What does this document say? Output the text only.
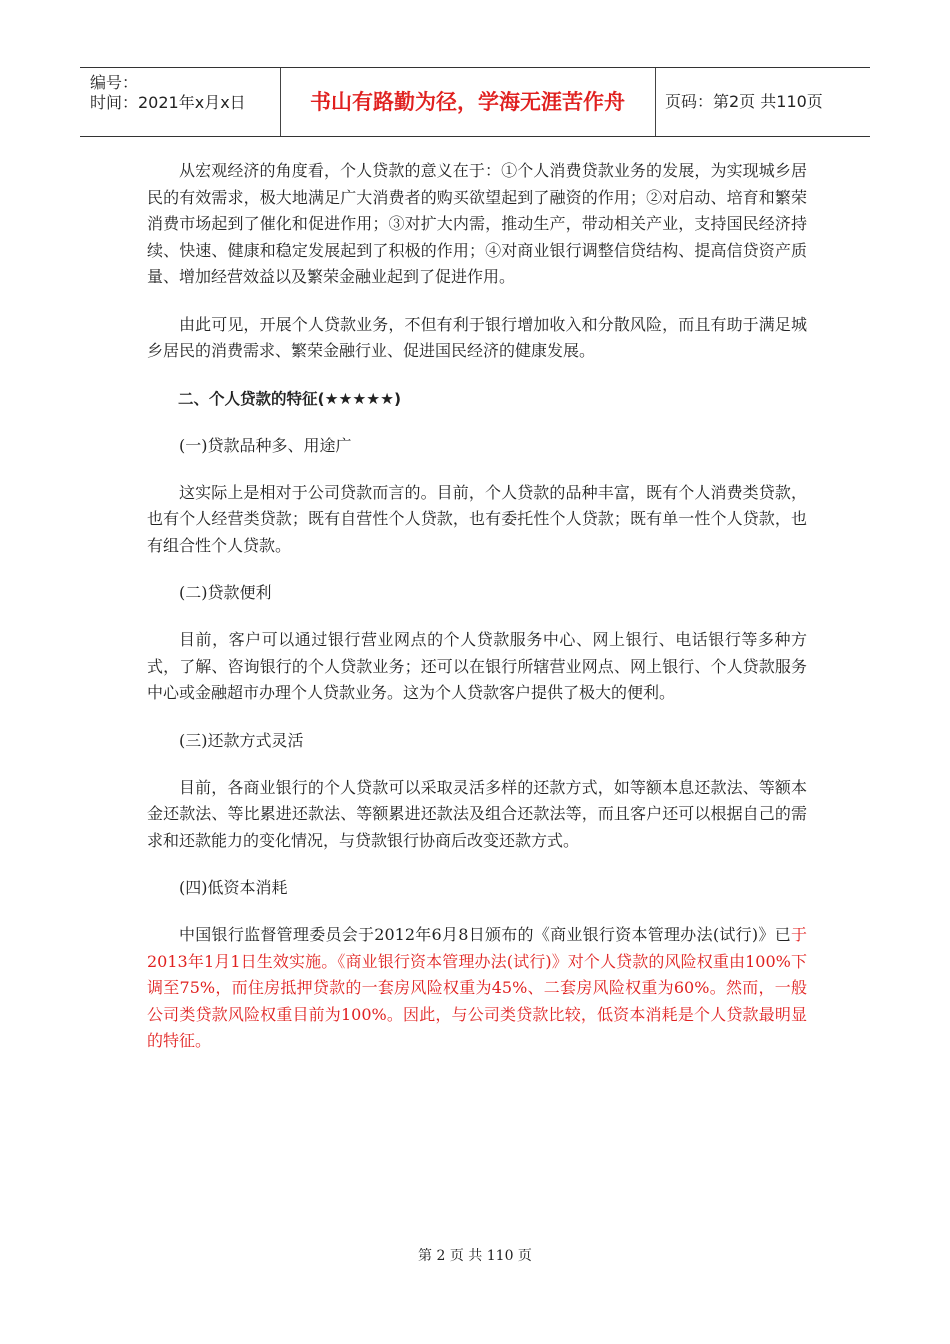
编号：
时间：2021年x月x日	书山有路勤为径，学海无涯苦作舟	页码：第2页 共110页

从宏观经济的角度看，个人贷款的意义在于：①个人消费贷款业务的发展，为实现城乡居民的有效需求，极大地满足广大消费者的购买欲望起到了融资的作用；②对启动、培育和繁荣消费市场起到了催化和促进作用；③对扩大内需，推动生产，带动相关产业，支持国民经济持续、快速、健康和稳定发展起到了积极的作用；④对商业银行调整信贷结构、提高信贷资产质量、增加经营效益以及繁荣金融业起到了促进作用。

由此可见，开展个人贷款业务，不但有利于银行增加收入和分散风险，而且有助于满足城乡居民的消费需求、繁荣金融行业、促进国民经济的健康发展。

二、个人贷款的特征(★★★★★)

(一)贷款品种多、用途广

这实际上是相对于公司贷款而言的。目前，个人贷款的品种丰富，既有个人消费类贷款，也有个人经营类贷款；既有自营性个人贷款，也有委托性个人贷款；既有单一性个人贷款，也有组合性个人贷款。

(二)贷款便利

目前，客户可以通过银行营业网点的个人贷款服务中心、网上银行、电话银行等多种方式，了解、咨询银行的个人贷款业务；还可以在银行所辖营业网点、网上银行、个人贷款服务中心或金融超市办理个人贷款业务。这为个人贷款客户提供了极大的便利。

(三)还款方式灵活

目前，各商业银行的个人贷款可以采取灵活多样的还款方式，如等额本息还款法、等额本金还款法、等比累进还款法、等额累进还款法及组合还款法等，而且客户还可以根据自己的需求和还款能力的变化情况，与贷款银行协商后改变还款方式。

(四)低资本消耗

中国银行监督管理委员会于2012年6月8日颁布的《商业银行资本管理办法(试行)》已于2013年1月1日生效实施。《商业银行资本管理办法(试行)》对个人贷款的风险权重由100%下调至75%，而住房抵押贷款的一套房风险权重为45%、二套房风险权重为60%。然而，一般公司类贷款风险权重目前为100%。因此，与公司类贷款比较，低资本消耗是个人贷款最明显的特征。

第 2 页 共 110 页
